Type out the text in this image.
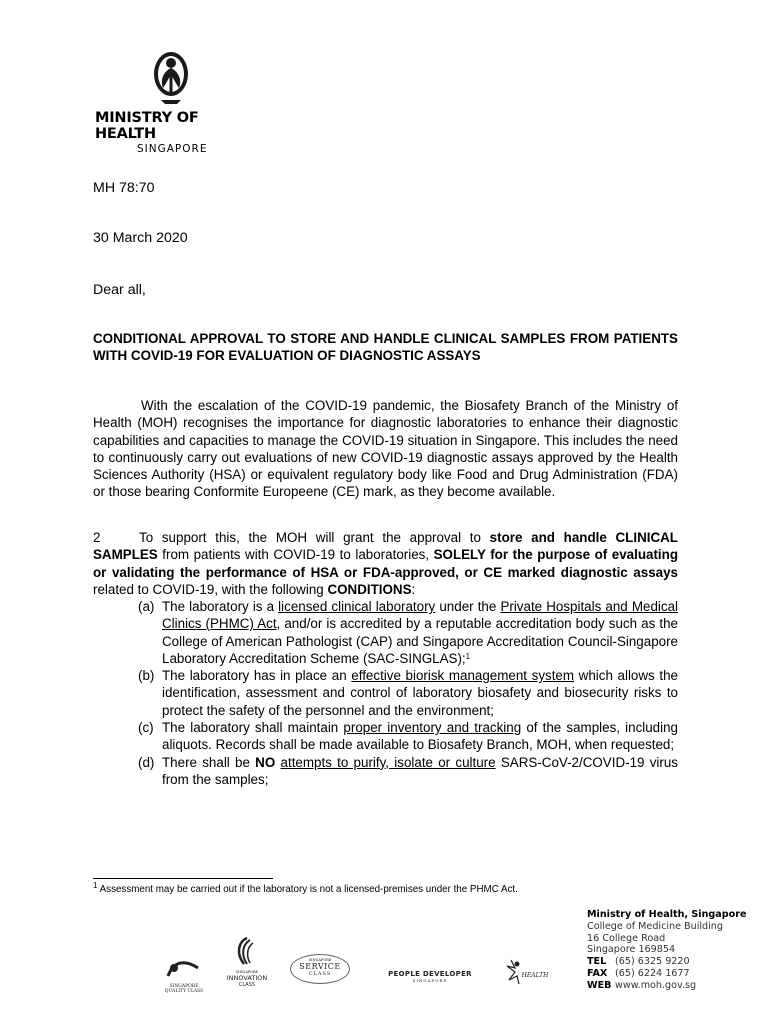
MINISTRY OF HEALTH
SINGAPORE
MH 78:70
30 March 2020
Dear all,
CONDITIONAL APPROVAL TO STORE AND HANDLE CLINICAL SAMPLES FROM PATIENTS WITH COVID-19 FOR EVALUATION OF DIAGNOSTIC ASSAYS
With the escalation of the COVID-19 pandemic, the Biosafety Branch of the Ministry of Health (MOH) recognises the importance for diagnostic laboratories to enhance their diagnostic capabilities and capacities to manage the COVID-19 situation in Singapore. This includes the need to continuously carry out evaluations of new COVID-19 diagnostic assays approved by the Health Sciences Authority (HSA) or equivalent regulatory body like Food and Drug Administration (FDA) or those bearing Conformite Europeene (CE) mark, as they become available.
2	To support this, the MOH will grant the approval to store and handle CLINICAL SAMPLES from patients with COVID-19 to laboratories, SOLELY for the purpose of evaluating or validating the performance of HSA or FDA-approved, or CE marked diagnostic assays related to COVID-19, with the following CONDITIONS:
(a) The laboratory is a licensed clinical laboratory under the Private Hospitals and Medical Clinics (PHMC) Act, and/or is accredited by a reputable accreditation body such as the College of American Pathologist (CAP) and Singapore Accreditation Council-Singapore Laboratory Accreditation Scheme (SAC-SINGLAS);$^1$
(b) The laboratory has in place an effective biorisk management system which allows the identification, assessment and control of laboratory biosafety and biosecurity risks to protect the safety of the personnel and the environment;
(c) The laboratory shall maintain proper inventory and tracking of the samples, including aliquots. Records shall be made available to Biosafety Branch, MOH, when requested;
(d) There shall be NO attempts to purify, isolate or culture SARS-CoV-2/COVID-19 virus from the samples;
$^1$ Assessment may be carried out if the laboratory is not a licensed-premises under the PHMC Act.
SINGAPORE QUALITY CLASS
SINGAPORE
INNOVATION
CLASS
SINGAPORE
SERVICE
CLASS	PEOPLE DEVELOPER
SINGAPORE
HEALTH
Ministry of Health, Singapore
College of Medicine Building
16 College Road
Singapore 169854
TEL (65) 6325 9220
FAX (65) 6224 1677
WEB www.moh.gov.sg
